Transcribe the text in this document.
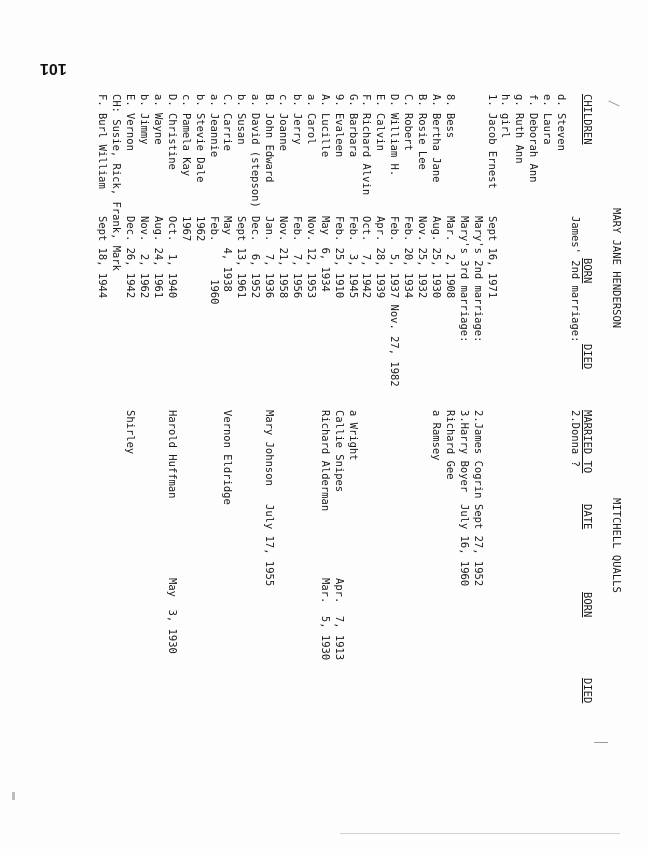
101
MARY JANE HENDERSON
MITCHELL QUALLS
CHILDREN
BORN
DIED
MARRIED TO
DATE
BORN
DIED
James' 2nd marriage:
2.Donna ?
d. Steven
e. Laura
f. Deborah Ann
g. Ruth Ann
h. girl
1. Jacob Ernest
Sept 16, 1971
Mary's 2nd marriage:
2.James Cogrin
Sept 27, 1952
Mary's 3rd marriage:
3.Harry Boyer
July 16, 1960
8. Bess
Mar.  2, 1908
Richard Gee
A. Bertha Jane
Aug. 25, 1930
a Ramsey
B. Rosie Lee
Nov. 25, 1932
C. Robert
Feb. 20, 1934
D. William H.
Feb.  5, 1937 Nov. 27, 1982
E. Calvin
Apr. 28, 1939
F. Richard Alvin
Oct.  7, 1942
G. Barbara
Feb.  3, 1945
a Wright
9. Evaleen
Feb. 25, 1910
Callie Snipes
Apr.  7, 1913
A. Lucille
May  6, 1934
Richard Alderman
Mar.  5, 1930
a. Carol
Nov. 12, 1953
b. Jerry
Feb.  7, 1956
c. Joanne
Nov. 21, 1958
B. John Edward
Jan.  7, 1936
Mary Johnson
July 17, 1955
a. David (stepson)
Dec.  6, 1952
b. Susan
Sept 13, 1961
C. Carrie
May  4, 1938
Vernon Eldridge
a. Jeannie
Feb.      1960
b. Stevie Dale
1962
c. Pamela Kay
1967
D. Christine
Oct.  1, 1940
Harold Huffman
May  3, 1930
a. Wayne
Aug. 24, 1961
b. Jimmy
Nov.  2, 1962
E. Vernon
Dec. 26, 1942
Shirley
CH: Susie, Rick, Frank, Mark
F. Burl William
Sept 18, 1944
